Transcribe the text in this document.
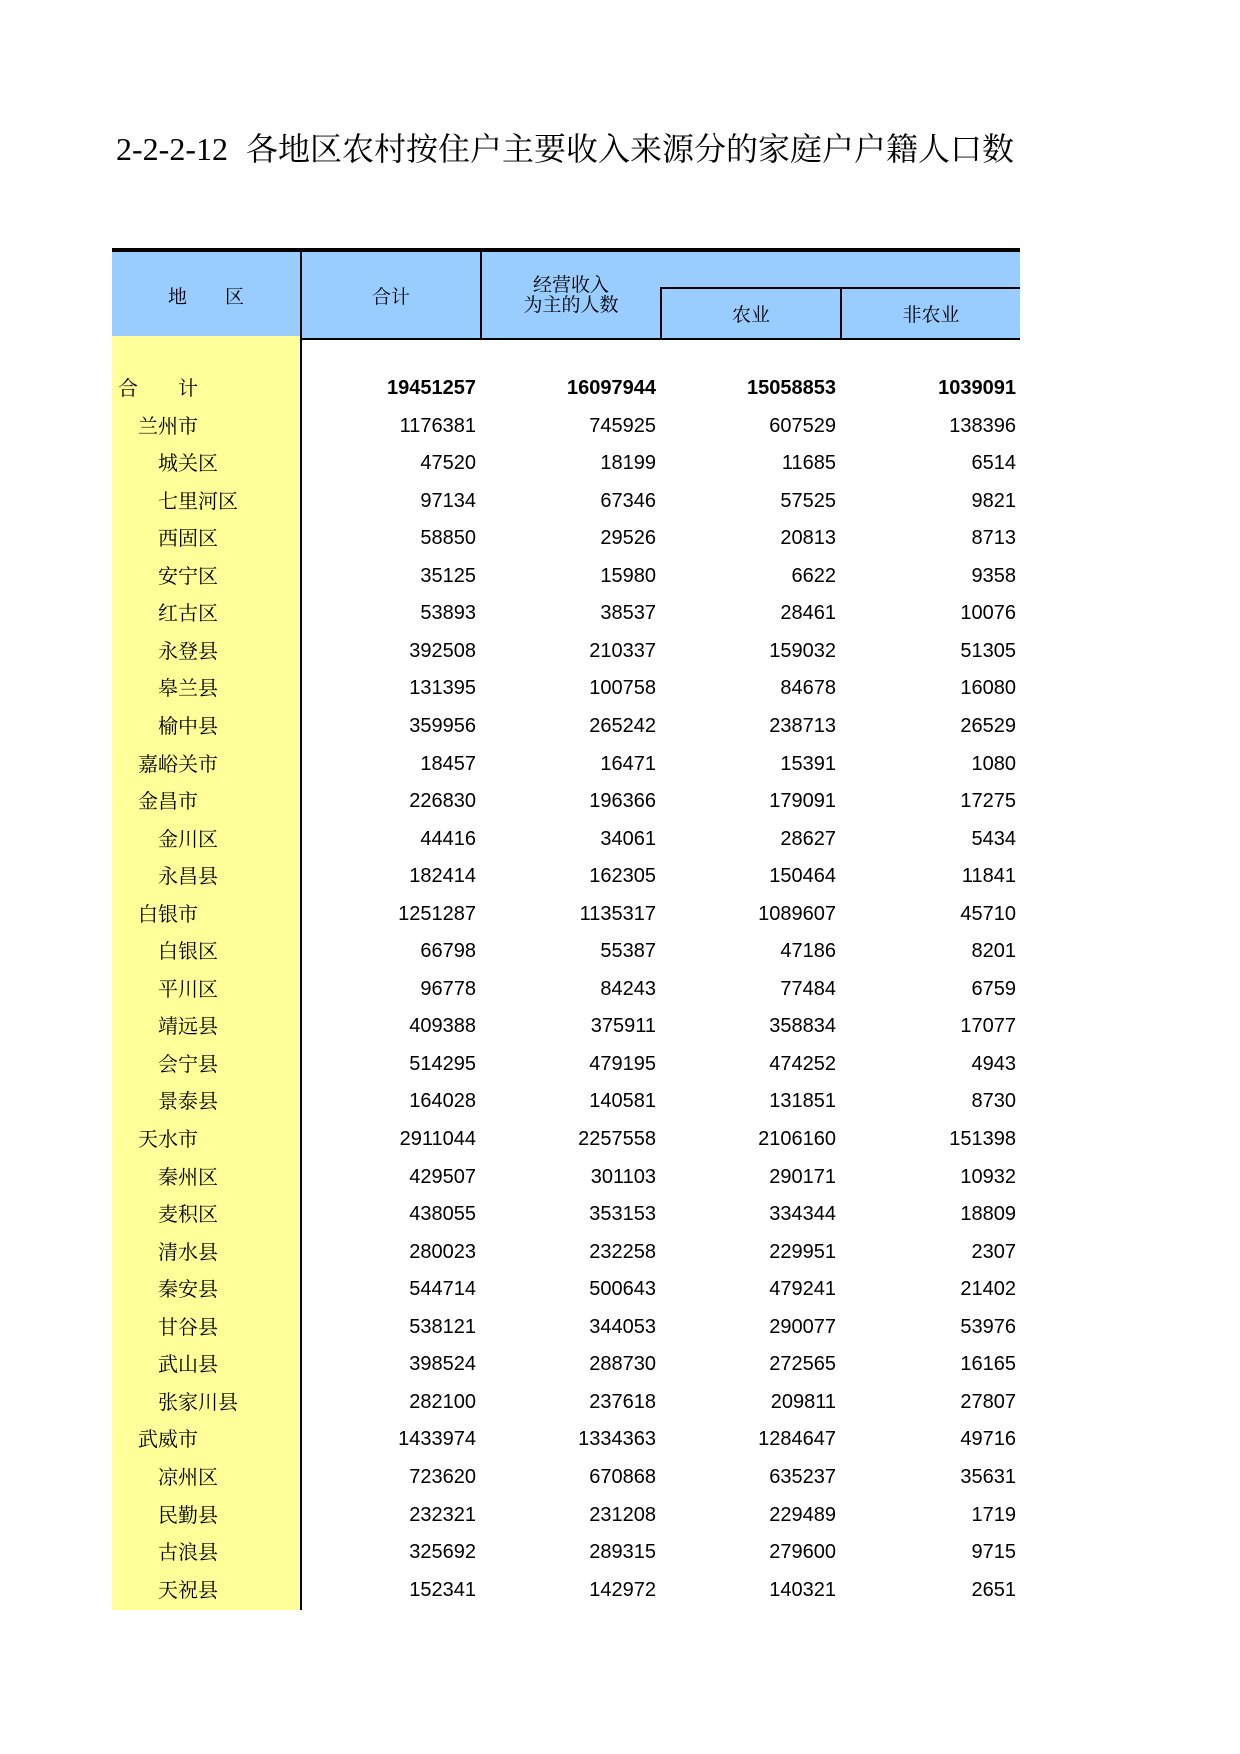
2-2-2-12 各地区农村按住户主要收入来源分的家庭户户籍人口数
地　　区	合计
经营收入
为主的人数	农业	非农业
合　　计	19451257	16097944	15058853	1039091
兰州市	1176381	745925	607529	138396
城关区	47520	18199	11685	6514
七里河区	97134	67346	57525	9821
西固区	58850	29526	20813	8713
安宁区	35125	15980	6622	9358
红古区	53893	38537	28461	10076
永登县	392508	210337	159032	51305
皋兰县	131395	100758	84678	16080
榆中县	359956	265242	238713	26529
嘉峪关市	18457	16471	15391	1080
金昌市	226830	196366	179091	17275
金川区	44416	34061	28627	5434
永昌县	182414	162305	150464	11841
白银市	1251287	1135317	1089607	45710
白银区	66798	55387	47186	8201
平川区	96778	84243	77484	6759
靖远县	409388	375911	358834	17077
会宁县	514295	479195	474252	4943
景泰县	164028	140581	131851	8730
天水市	2911044	2257558	2106160	151398
秦州区	429507	301103	290171	10932
麦积区	438055	353153	334344	18809
清水县	280023	232258	229951	2307
秦安县	544714	500643	479241	21402
甘谷县	538121	344053	290077	53976
武山县	398524	288730	272565	16165
张家川县	282100	237618	209811	27807
武威市	1433974	1334363	1284647	49716
凉州区	723620	670868	635237	35631
民勤县	232321	231208	229489	1719
古浪县	325692	289315	279600	9715
天祝县	152341	142972	140321	2651
